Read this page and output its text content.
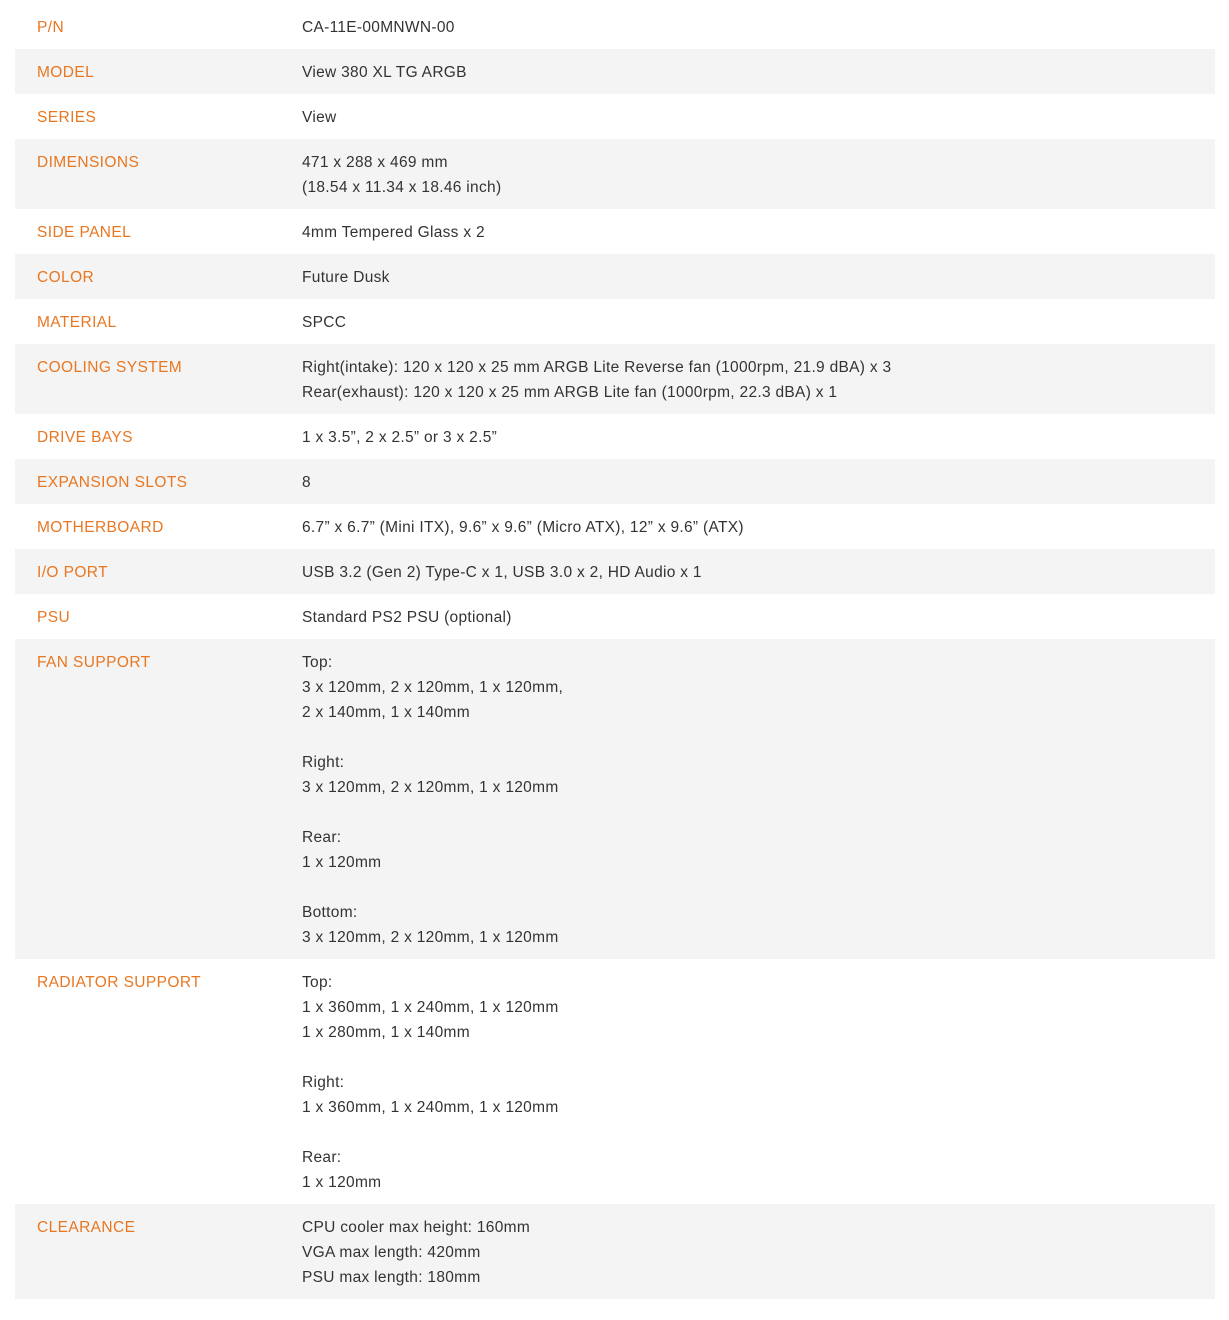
P/N	CA-11E-00MNWN-00
MODEL	View 380 XL TG ARGB
SERIES	View
DIMENSIONS	471 x 288 x 469 mm
(18.54 x 11.34 x 18.46 inch)
SIDE PANEL	4mm Tempered Glass x 2
COLOR	Future Dusk
MATERIAL	SPCC
COOLING SYSTEM	Right(intake): 120 x 120 x 25 mm ARGB Lite Reverse fan (1000rpm, 21.9 dBA) x 3
Rear(exhaust): 120 x 120 x 25 mm ARGB Lite fan (1000rpm, 22.3 dBA) x 1
DRIVE BAYS	1 x 3.5”, 2 x 2.5” or 3 x 2.5”
EXPANSION SLOTS	8
MOTHERBOARD	6.7” x 6.7” (Mini ITX), 9.6” x 9.6” (Micro ATX), 12” x 9.6” (ATX)
I/O PORT	USB 3.2 (Gen 2) Type-C x 1, USB 3.0 x 2, HD Audio x 1
PSU	Standard PS2 PSU (optional)
FAN SUPPORT	Top:
3 x 120mm, 2 x 120mm, 1 x 120mm,
2 x 140mm, 1 x 140mm
Right:
3 x 120mm, 2 x 120mm, 1 x 120mm
Rear:
1 x 120mm
Bottom:
3 x 120mm, 2 x 120mm, 1 x 120mm
RADIATOR SUPPORT	Top:
1 x 360mm, 1 x 240mm, 1 x 120mm
1 x 280mm, 1 x 140mm
Right:
1 x 360mm, 1 x 240mm, 1 x 120mm
Rear:
1 x 120mm
CLEARANCE	CPU cooler max height: 160mm
VGA max length: 420mm
PSU max length: 180mm
